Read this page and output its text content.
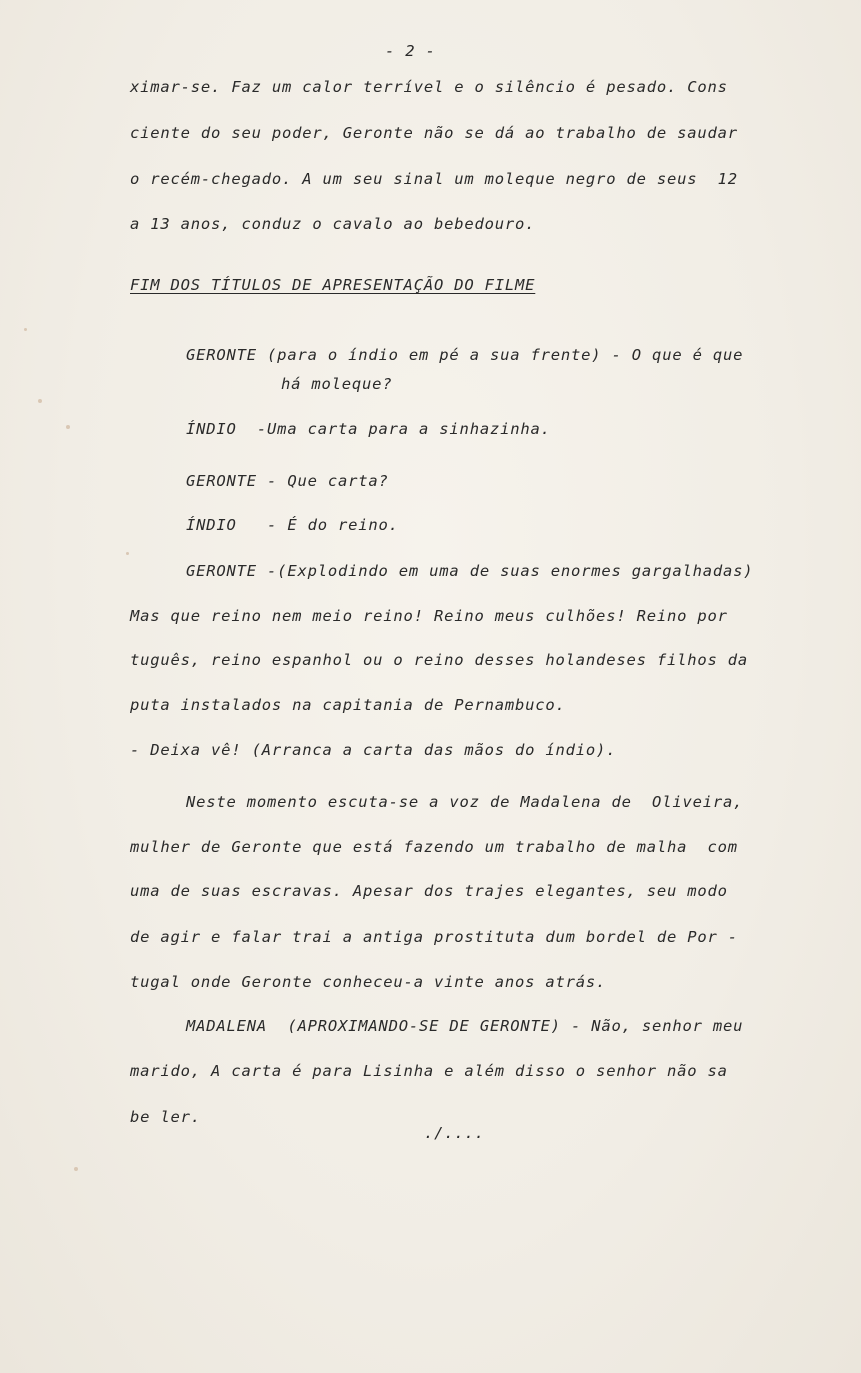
- 2 -
ximar-se. Faz um calor terrível e o silêncio é pesado. Cons
ciente do seu poder, Geronte não se dá ao trabalho de saudar
o recém-chegado. A um seu sinal um moleque negro de seus  12
a 13 anos, conduz o cavalo ao bebedouro.
FIM DOS TÍTULOS DE APRESENTAÇÃO DO FILME
GERONTE (para o índio em pé a sua frente) - O que é que
há moleque?
ÍNDIO  -Uma carta para a sinhazinha.
GERONTE - Que carta?
ÍNDIO   - É do reino.
GERONTE -(Explodindo em uma de suas enormes gargalhadas)
Mas que reino nem meio reino! Reino meus culhões! Reino por
tuguês, reino espanhol ou o reino desses holandeses filhos da
puta instalados na capitania de Pernambuco.
- Deixa vê! (Arranca a carta das mãos do índio).
Neste momento escuta-se a voz de Madalena de  Oliveira,
mulher de Geronte que está fazendo um trabalho de malha  com
uma de suas escravas. Apesar dos trajes elegantes, seu modo
de agir e falar trai a antiga prostituta dum bordel de Por -
tugal onde Geronte conheceu-a vinte anos atrás.
MADALENA  (APROXIMANDO-SE DE GERONTE) - Não, senhor meu
marido, A carta é para Lisinha e além disso o senhor não sa
be ler.
./....
